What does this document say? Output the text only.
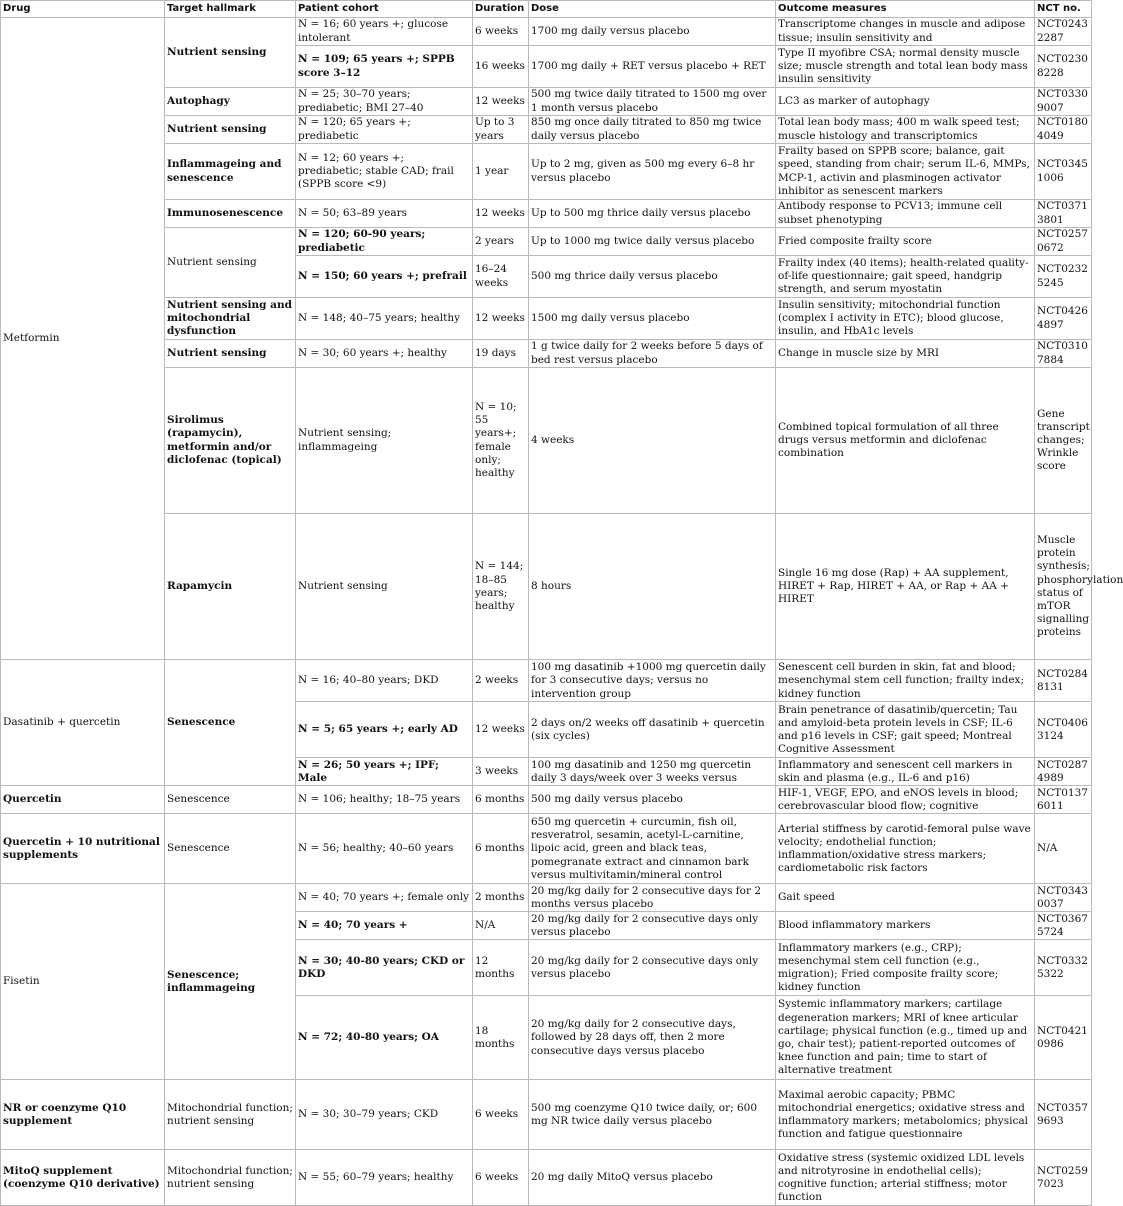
Drug	Target hallmark	Patient cohort	Duration	Dose	Outcome measures	NCT no.	
Metformin	Nutrient sensing	N = 16; 60 years +; glucose intolerant	6 weeks	1700 mg daily versus placebo	Transcriptome changes in muscle and adipose tissue; insulin sensitivity and	NCT02432287	
		N = 109; 65 years +; SPPB score 3–12	16 weeks	1700 mg daily + RET versus placebo + RET	Type II myofibre CSA; normal density muscle size; muscle strength and total lean body mass insulin sensitivity	NCT02308228	
	Autophagy	N = 25; 30–70 years; prediabetic; BMI 27–40	12 weeks	500 mg twice daily titrated to 1500 mg over 1 month versus placebo	LC3 as marker of autophagy	NCT03309007	
	Nutrient sensing	N = 120; 65 years +; prediabetic	Up to 3 years	850 mg once daily titrated to 850 mg twice daily versus placebo	Total lean body mass; 400 m walk speed test; muscle histology and transcriptomics	NCT01804049	
	Inflammageing and senescence	N = 12; 60 years +; prediabetic; stable CAD; frail (SPPB score <9)	1 year	Up to 2 mg, given as 500 mg every 6–8 hr versus placebo	Frailty based on SPPB score; balance, gait speed, standing from chair; serum IL-6, MMPs, MCP-1, activin and plasminogen activator inhibitor as senescent markers	NCT03451006	
	Immunosenescence	N = 50; 63–89 years	12 weeks	Up to 500 mg thrice daily versus placebo	Antibody response to PCV13; immune cell subset phenotyping	NCT03713801	
	Nutrient sensing	N = 120; 60-90 years; prediabetic	2 years	Up to 1000 mg twice daily versus placebo	Fried composite frailty score	NCT02570672	
		N = 150; 60 years +; prefrail	16–24 weeks	500 mg thrice daily versus placebo	Frailty index (40 items); health-related quality-of-life questionnaire; gait speed, handgrip strength, and serum myostatin	NCT02325245	
	Nutrient sensing and mitochondrial dysfunction	N = 148; 40–75 years; healthy	12 weeks	1500 mg daily versus placebo	Insulin sensitivity; mitochondrial function (complex I activity in ETC); blood glucose, insulin, and HbA1c levels	NCT04264897	
	Nutrient sensing	N = 30; 60 years +; healthy	19 days	1 g twice daily for 2 weeks before 5 days of bed rest versus placebo	Change in muscle size by MRI	NCT03107884	
	Sirolimus (rapamycin), metformin and/or diclofenac (topical)	Nutrient sensing; inflammageing	N = 10; 55 years+; female only; healthy	4 weeks	Combined topical formulation of all three drugs versus metformin and diclofenac combination	Gene transcript changes; Wrinkle score	
	Rapamycin	Nutrient sensing	N = 144; 18–85 years; healthy	8 hours	Single 16 mg dose (Rap) + AA supplement, HIRET + Rap, HIRET + AA, or Rap + AA + HIRET	Muscle protein synthesis; phosphorylation status of mTOR signalling proteins	
Dasatinib + quercetin	Senescence	N = 16; 40–80 years; DKD	2 weeks	100 mg dasatinib +1000 mg quercetin daily for 3 consecutive days; versus no intervention group	Senescent cell burden in skin, fat and blood; mesenchymal stem cell function; frailty index; kidney function	NCT02848131	
		N = 5; 65 years +; early AD	12 weeks	2 days on/2 weeks off dasatinib + quercetin (six cycles)	Brain penetrance of dasatinib/quercetin; Tau and amyloid-beta protein levels in CSF; IL-6 and p16 levels in CSF; gait speed; Montreal Cognitive Assessment	NCT04063124	
		N = 26; 50 years +; IPF; Male	3 weeks	100 mg dasatinib and 1250 mg quercetin daily 3 days/week over 3 weeks versus	Inflammatory and senescent cell markers in skin and plasma (e.g., IL-6 and p16)	NCT02874989	
Quercetin	Senescence	N = 106; healthy; 18–75 years	6 months	500 mg daily versus placebo	HIF-1, VEGF, EPO, and eNOS levels in blood; cerebrovascular blood flow; cognitive	NCT01376011	
Quercetin + 10 nutritional supplements	Senescence	N = 56; healthy; 40–60 years	6 months	650 mg quercetin + curcumin, fish oil, resveratrol, sesamin, acetyl-L-carnitine, lipoic acid, green and black teas, pomegranate extract and cinnamon bark versus multivitamin/mineral control	Arterial stiffness by carotid-femoral pulse wave velocity; endothelial function; inflammation/oxidative stress markers; cardiometabolic risk factors	N/A	
Fisetin	Senescence; inflammageing	N = 40; 70 years +; female only	2 months	20 mg/kg daily for 2 consecutive days for 2 months versus placebo	Gait speed	NCT03430037	
		N = 40; 70 years +	N/A	20 mg/kg daily for 2 consecutive days only versus placebo	Blood inflammatory markers	NCT03675724	
		N = 30; 40-80 years; CKD or DKD	12 months	20 mg/kg daily for 2 consecutive days only versus placebo	Inflammatory markers (e.g., CRP); mesenchymal stem cell function (e.g., migration); Fried composite frailty score; kidney function	NCT03325322	
		N = 72; 40-80 years; OA	18 months	20 mg/kg daily for 2 consecutive days, followed by 28 days off, then 2 more consecutive days versus placebo	Systemic inflammatory markers; cartilage degeneration markers; MRI of knee articular cartilage; physical function (e.g., timed up and go, chair test); patient-reported outcomes of knee function and pain; time to start of alternative treatment	NCT04210986	
NR or coenzyme Q10 supplement	Mitochondrial function; nutrient sensing	N = 30; 30–79 years; CKD	6 weeks	500 mg coenzyme Q10 twice daily, or; 600 mg NR twice daily versus placebo	Maximal aerobic capacity; PBMC mitochondrial energetics; oxidative stress and inflammatory markers; metabolomics; physical function and fatigue questionnaire	NCT03579693	
MitoQ supplement (coenzyme Q10 derivative)	Mitochondrial function; nutrient sensing	N = 55; 60–79 years; healthy	6 weeks	20 mg daily MitoQ versus placebo	Oxidative stress (systemic oxidized LDL levels and nitrotyrosine in endothelial cells); cognitive function; arterial stiffness; motor function	NCT02597023	
